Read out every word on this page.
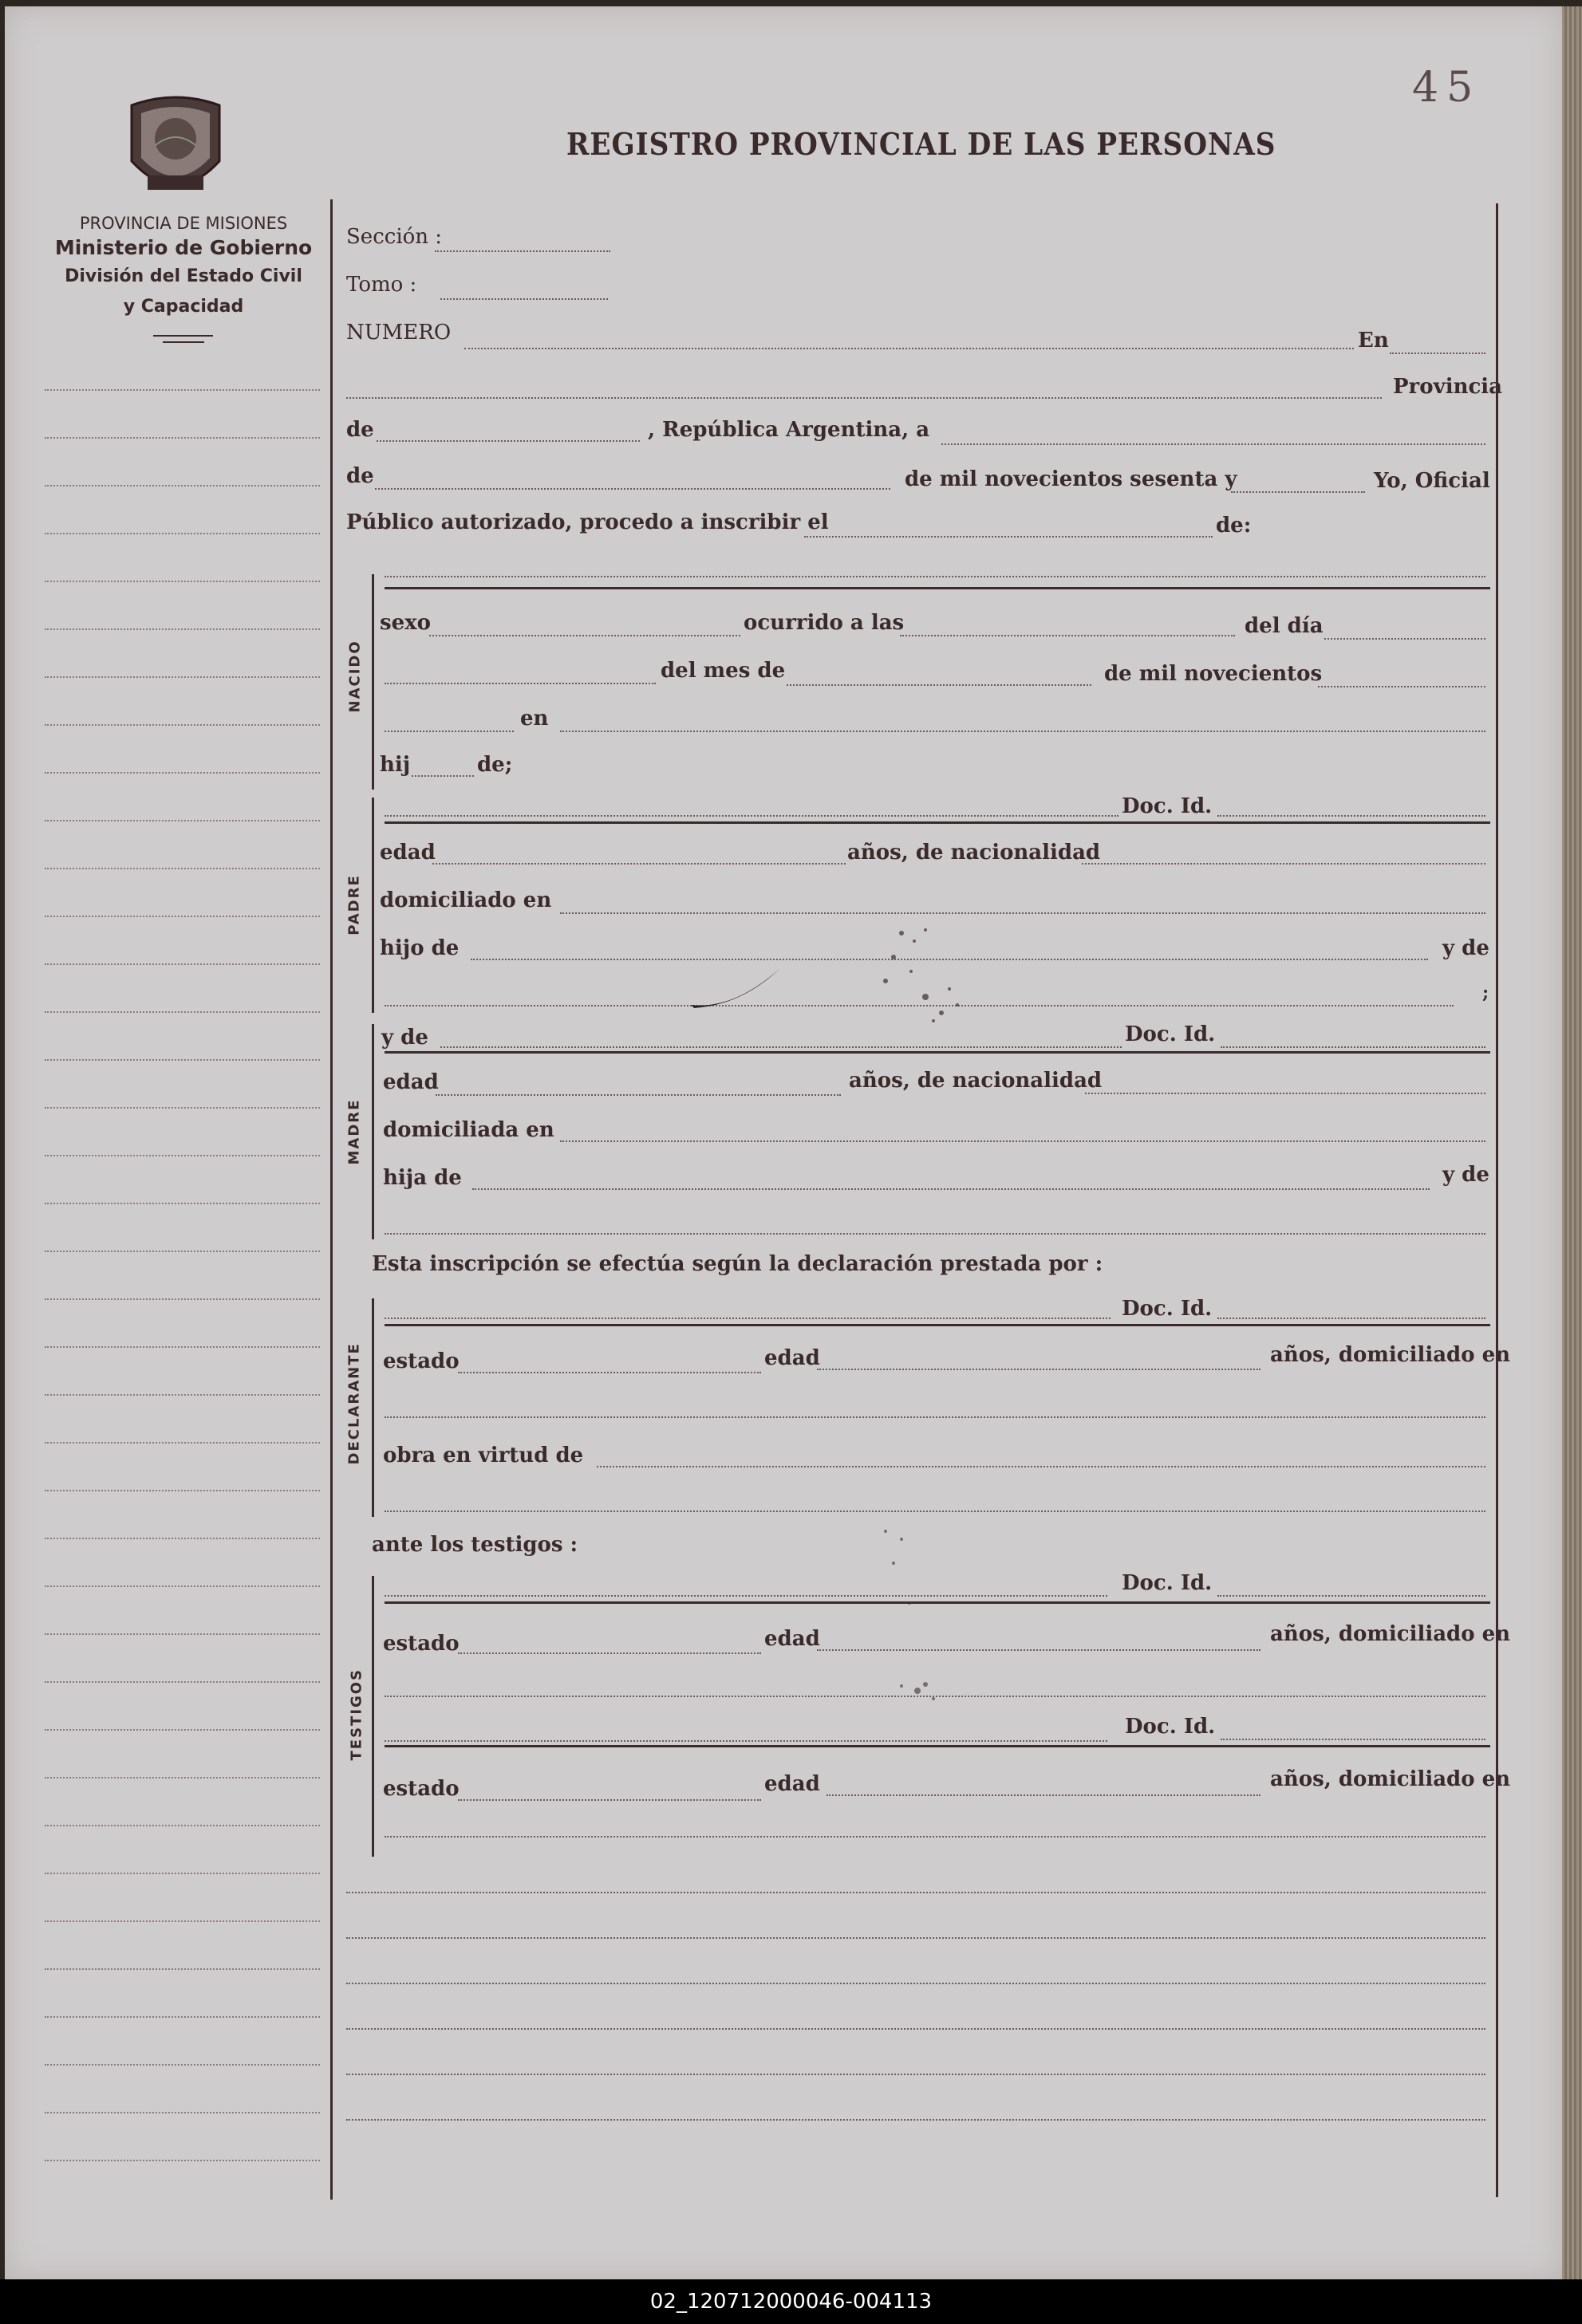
PROVINCIA DE MISIONES
Ministerio de Gobierno
División del Estado Civil
y Capacidad
REGISTRO PROVINCIAL DE LAS PERSONAS
45
Sección :
Tomo :
NUMERO	En
Provincia
de	, República Argentina, a
de	de mil novecientos sesenta y	Yo, Oficial
Público autorizado, procedo a inscribir el	de:
NACIDO
sexo	ocurrido a las	del día
del mes de	de mil novecientos
en
hij	de;
PADRE
Doc. Id.
edad	años, de nacionalidad
domiciliado en
hijo de	y de
;
MADRE
y de	Doc. Id.
edad	años, de nacionalidad
domiciliada en
hija de	y de
Esta inscripción se efectúa según la declaración prestada por :
DECLARANTE
Doc. Id.
estado	edad	años, domiciliado en
obra en virtud de
ante los testigos :
TESTIGOS
Doc. Id.
estado	edad	años, domiciliado en
Doc. Id.
estado	edad	años, domiciliado en
02_120712000046-004113
